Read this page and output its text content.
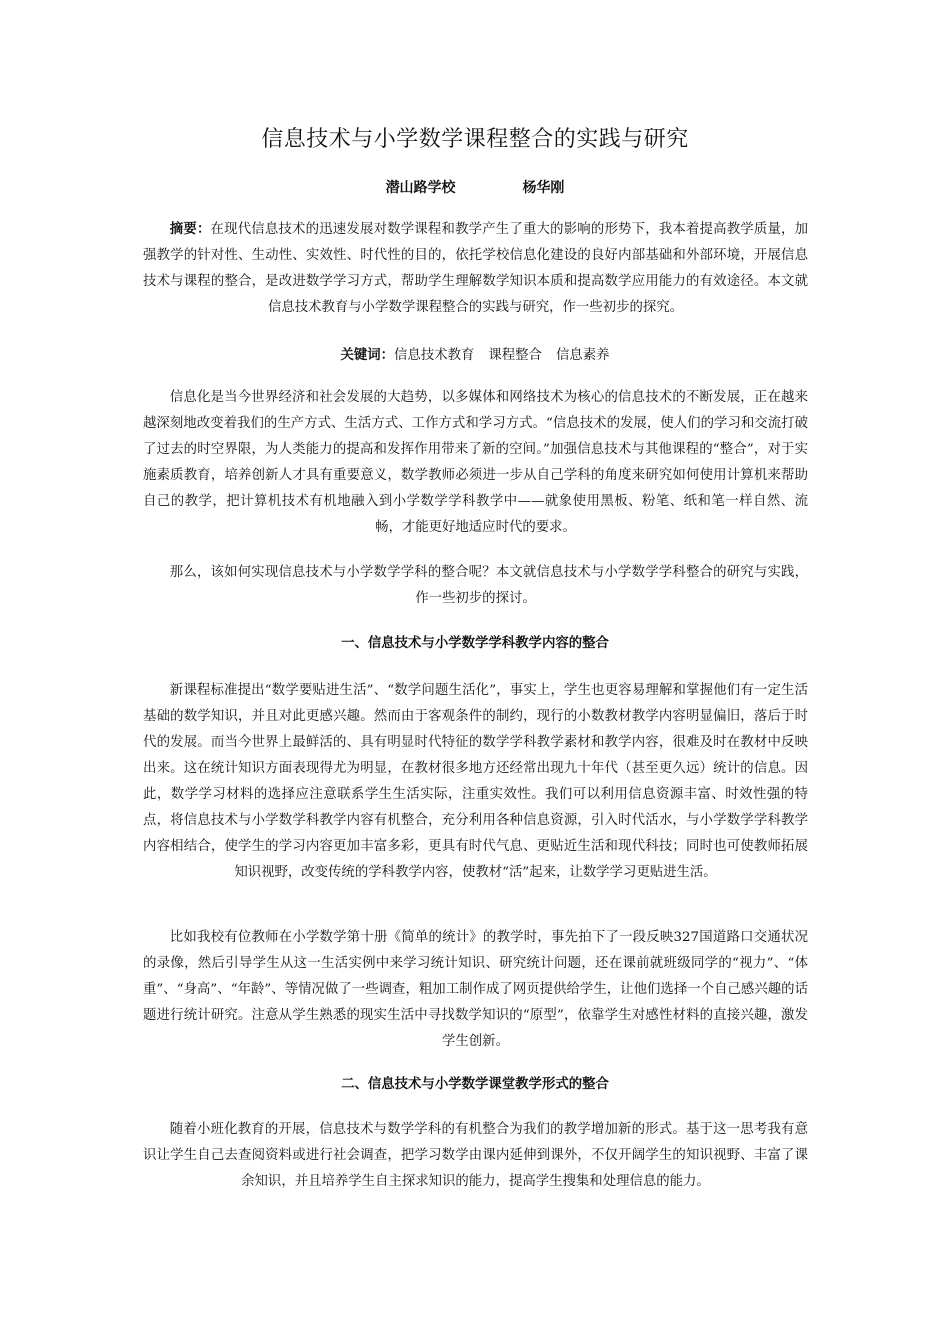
信息技术与小学数学课程整合的实践与研究
潜山路学校	杨华刚

摘要：在现代信息技术的迅速发展对数学课程和教学产生了重大的影响的形势下，我本着提高教学质量，加强教学的针对性、生动性、实效性、时代性的目的，依托学校信息化建设的良好内部基础和外部环境，开展信息技术与课程的整合，是改进数学学习方式，帮助学生理解数学知识本质和提高数学应用能力的有效途径。本文就信息技术教育与小学数学课程整合的实践与研究，作一些初步的探究。

关键词：信息技术教育 课程整合 信息素养

信息化是当今世界经济和社会发展的大趋势，以多媒体和网络技术为核心的信息技术的不断发展，正在越来越深刻地改变着我们的生产方式、生活方式、工作方式和学习方式。“信息技术的发展，使人们的学习和交流打破了过去的时空界限，为人类能力的提高和发挥作用带来了新的空间。”加强信息技术与其他课程的“整合”，对于实施素质教育，培养创新人才具有重要意义，数学教师必须进一步从自己学科的角度来研究如何使用计算机来帮助自己的教学，把计算机技术有机地融入到小学数学学科教学中——就象使用黑板、粉笔、纸和笔一样自然、流畅，才能更好地适应时代的要求。

那么，该如何实现信息技术与小学数学学科的整合呢？本文就信息技术与小学数学学科整合的研究与实践，作一些初步的探讨。

一、信息技术与小学数学学科教学内容的整合

新课程标准提出“数学要贴进生活”、“数学问题生活化”，事实上，学生也更容易理解和掌握他们有一定生活基础的数学知识，并且对此更感兴趣。然而由于客观条件的制约，现行的小数教材教学内容明显偏旧，落后于时代的发展。而当今世界上最鲜活的、具有明显时代特征的数学学科教学素材和教学内容，很难及时在教材中反映出来。这在统计知识方面表现得尤为明显，在教材很多地方还经常出现九十年代（甚至更久远）统计的信息。因此，数学学习材料的选择应注意联系学生生活实际，注重实效性。我们可以利用信息资源丰富、时效性强的特点，将信息技术与小学数学科教学内容有机整合，充分利用各种信息资源，引入时代活水，与小学数学学科教学内容相结合，使学生的学习内容更加丰富多彩，更具有时代气息、更贴近生活和现代科技；同时也可使教师拓展知识视野，改变传统的学科教学内容，使教材“活”起来，让数学学习更贴进生活。

比如我校有位教师在小学数学第十册《简单的统计》的教学时，事先拍下了一段反映327国道路口交通状况的录像，然后引导学生从这一生活实例中来学习统计知识、研究统计问题，还在课前就班级同学的“视力”、“体重”、“身高”、“年龄”、等情况做了一些调查，粗加工制作成了网页提供给学生，让他们选择一个自己感兴趣的话题进行统计研究。注意从学生熟悉的现实生活中寻找数学知识的“原型”，依靠学生对感性材料的直接兴趣，激发学生创新。

二、信息技术与小学数学课堂教学形式的整合

随着小班化教育的开展，信息技术与数学学科的有机整合为我们的教学增加新的形式。基于这一思考我有意识让学生自己去查阅资料或进行社会调查，把学习数学由课内延伸到课外，不仅开阔学生的知识视野、丰富了课余知识，并且培养学生自主探求知识的能力，提高学生搜集和处理信息的能力。
